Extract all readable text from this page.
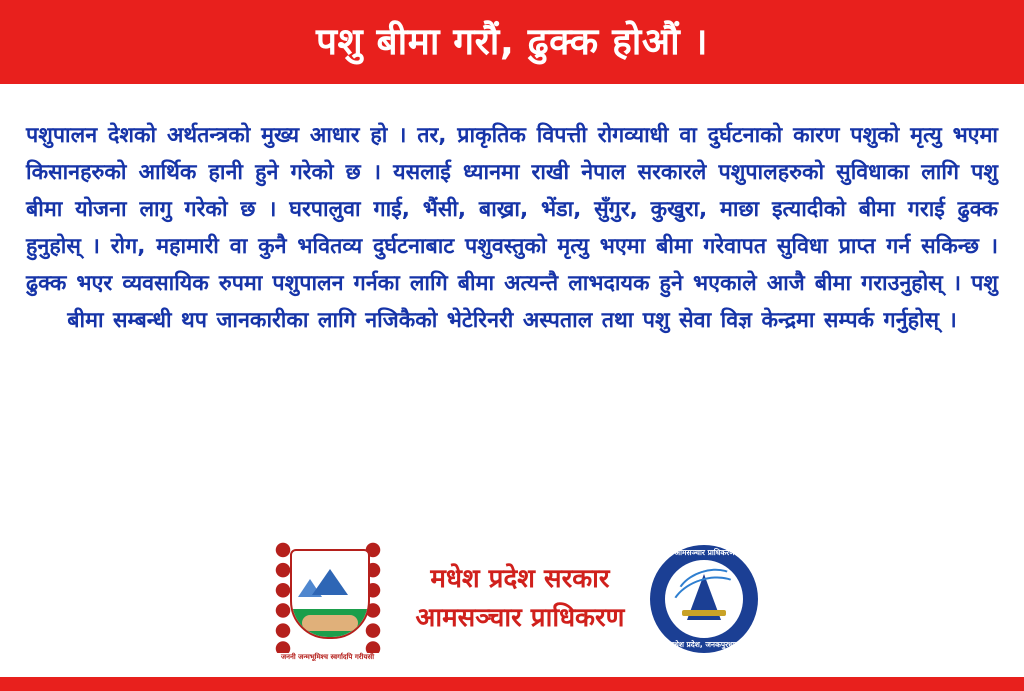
पशु बीमा गरौं, ढुक्क होऔं ।
पशुपालन देशको अर्थतन्त्रको मुख्य आधार हो । तर, प्राकृतिक विपत्ती रोगव्याधी वा दुर्घटनाको कारण पशुको मृत्यु भएमा किसानहरुको आर्थिक हानी हुने गरेको छ । यसलाई ध्यानमा राखी नेपाल सरकारले पशुपालहरुको सुविधाका लागि पशु बीमा योजना लागु गरेको छ । घरपालुवा गाई, भैंसी, बाख्रा, भेंडा, सुँगुर, कुखुरा, माछा इत्यादीको बीमा गराई ढुक्क हुनुहोस् । रोग, महामारी वा कुनै भवितव्य दुर्घटनाबाट पशुवस्तुको मृत्यु भएमा बीमा गरेवापत सुविधा प्राप्त गर्न सकिन्छ । ढुक्क भएर व्यवसायिक रुपमा पशुपालन गर्नका लागि बीमा अत्यन्तै लाभदायक हुने भएकाले आजै बीमा गराउनुहोस् । पशु बीमा सम्बन्धी थप जानकारीका लागि नजिकैको भेटेरिनरी अस्पताल तथा पशु सेवा विज्ञ केन्द्रमा सम्पर्क गर्नुहोस् ।
जननी जन्मभूमिश्च स्वर्गादपि गरीयसी
मधेश प्रदेश सरकार
आमसञ्चार प्राधिकरण
आमसञ्चार प्राधिकरण
मधेश प्रदेश, जनकपुरधाम
